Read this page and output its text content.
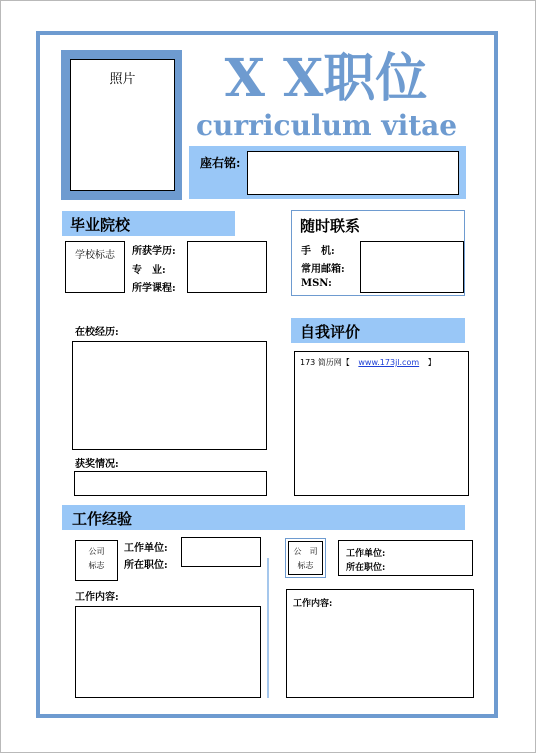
照片	X X职位
curriculum vitae
座右铭:
毕业院校
学校标志	所获学历:
专　业:
所学课程:
在校经历:
获奖情况:
随时联系
手　机:
常用邮箱:
MSN:
自我评价
173 简历网【 www.173jl.com 】
工作经验
公司
标志
工作单位:
所在职位:
工作内容:
公　司
标志
工作单位:
所在职位:
工作内容:
